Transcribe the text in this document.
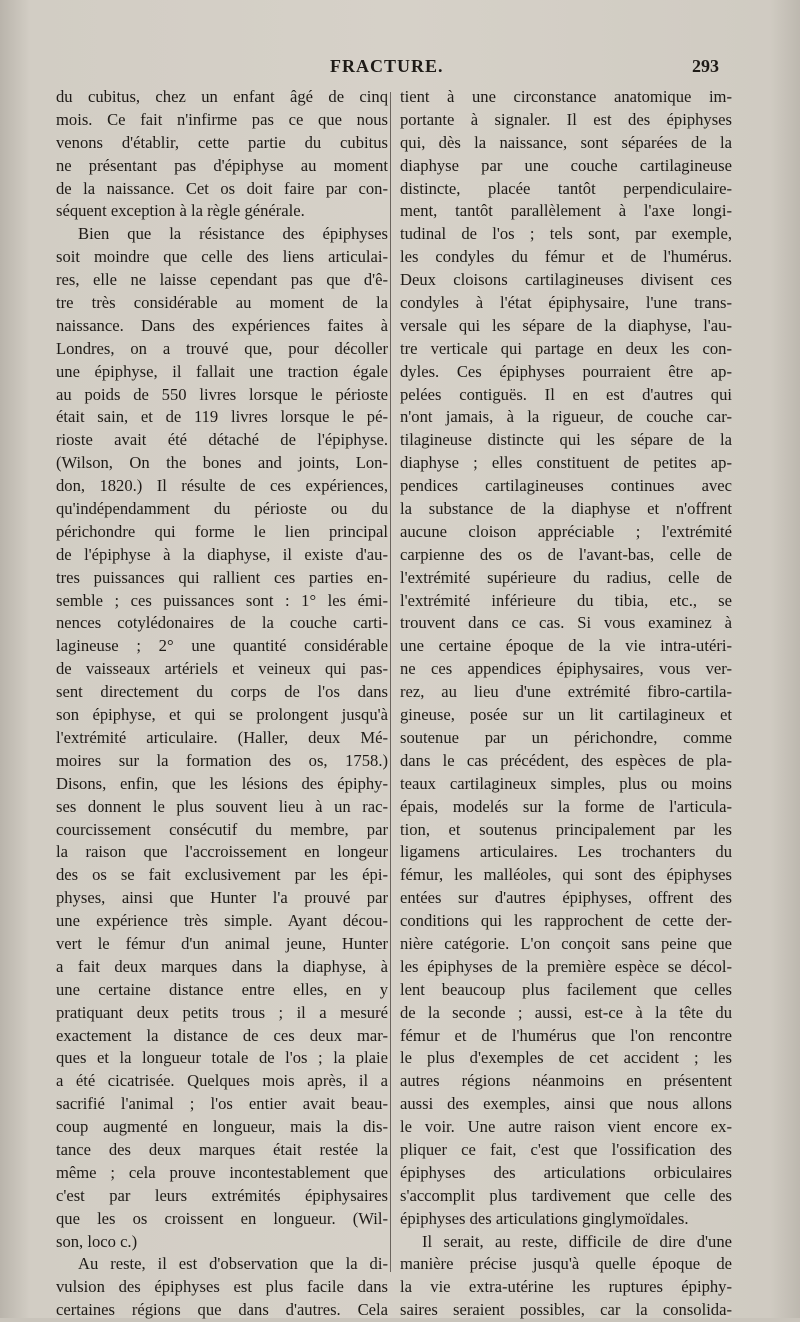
FRACTURE.	293
du cubitus, chez un enfant âgé de cinq
mois. Ce fait n'infirme pas ce que nous
venons d'établir, cette partie du cubitus
ne présentant pas d'épiphyse au moment
de la naissance. Cet os doit faire par con-
séquent exception à la règle générale.
Bien que la résistance des épiphyses
soit moindre que celle des liens articulai-
res, elle ne laisse cependant pas que d'ê-
tre très considérable au moment de la
naissance. Dans des expériences faites à
Londres, on a trouvé que, pour décoller
une épiphyse, il fallait une traction égale
au poids de 550 livres lorsque le périoste
était sain, et de 119 livres lorsque le pé-
rioste avait été détaché de l'épiphyse.
(Wilson, On the bones and joints, Lon-
don, 1820.) Il résulte de ces expériences,
qu'indépendamment du périoste ou du
périchondre qui forme le lien principal
de l'épiphyse à la diaphyse, il existe d'au-
tres puissances qui rallient ces parties en-
semble ; ces puissances sont : 1° les émi-
nences cotylédonaires de la couche carti-
lagineuse ; 2° une quantité considérable
de vaisseaux artériels et veineux qui pas-
sent directement du corps de l'os dans
son épiphyse, et qui se prolongent jusqu'à
l'extrémité articulaire. (Haller, deux Mé-
moires sur la formation des os, 1758.)
Disons, enfin, que les lésions des épiphy-
ses donnent le plus souvent lieu à un rac-
courcissement consécutif du membre, par
la raison que l'accroissement en longeur
des os se fait exclusivement par les épi-
physes, ainsi que Hunter l'a prouvé par
une expérience très simple. Ayant décou-
vert le fémur d'un animal jeune, Hunter
a fait deux marques dans la diaphyse, à
une certaine distance entre elles, en y
pratiquant deux petits trous ; il a mesuré
exactement la distance de ces deux mar-
ques et la longueur totale de l'os ; la plaie
a été cicatrisée. Quelques mois après, il a
sacrifié l'animal ; l'os entier avait beau-
coup augmenté en longueur, mais la dis-
tance des deux marques était restée la
même ; cela prouve incontestablement que
c'est par leurs extrémités épiphysaires
que les os croissent en longueur. (Wil-
son, loco c.)
Au reste, il est d'observation que la di-
vulsion des épiphyses est plus facile dans
certaines régions que dans d'autres. Cela
tient à une circonstance anatomique im-
portante à signaler. Il est des épiphyses
qui, dès la naissance, sont séparées de la
diaphyse par une couche cartilagineuse
distincte, placée tantôt perpendiculaire-
ment, tantôt parallèlement à l'axe longi-
tudinal de l'os ; tels sont, par exemple,
les condyles du fémur et de l'humérus.
Deux cloisons cartilagineuses divisent ces
condyles à l'état épiphysaire, l'une trans-
versale qui les sépare de la diaphyse, l'au-
tre verticale qui partage en deux les con-
dyles. Ces épiphyses pourraient être ap-
pelées contiguës. Il en est d'autres qui
n'ont jamais, à la rigueur, de couche car-
tilagineuse distincte qui les sépare de la
diaphyse ; elles constituent de petites ap-
pendices cartilagineuses continues avec
la substance de la diaphyse et n'offrent
aucune cloison appréciable ; l'extrémité
carpienne des os de l'avant-bas, celle de
l'extrémité supérieure du radius, celle de
l'extrémité inférieure du tibia, etc., se
trouvent dans ce cas. Si vous examinez à
une certaine époque de la vie intra-utéri-
ne ces appendices épiphysaires, vous ver-
rez, au lieu d'une extrémité fibro-cartila-
gineuse, posée sur un lit cartilagineux et
soutenue par un périchondre, comme
dans le cas précédent, des espèces de pla-
teaux cartilagineux simples, plus ou moins
épais, modelés sur la forme de l'articula-
tion, et soutenus principalement par les
ligamens articulaires. Les trochanters du
fémur, les malléoles, qui sont des épiphyses
entées sur d'autres épiphyses, offrent des
conditions qui les rapprochent de cette der-
nière catégorie. L'on conçoit sans peine que
les épiphyses de la première espèce se décol-
lent beaucoup plus facilement que celles
de la seconde ; aussi, est-ce à la tête du
fémur et de l'humérus que l'on rencontre
le plus d'exemples de cet accident ; les
autres régions néanmoins en présentent
aussi des exemples, ainsi que nous allons
le voir. Une autre raison vient encore ex-
pliquer ce fait, c'est que l'ossification des
épiphyses des articulations orbiculaires
s'accomplit plus tardivement que celle des
épiphyses des articulations ginglymoïdales.
Il serait, au reste, difficile de dire d'une
manière précise jusqu'à quelle époque de
la vie extra-utérine les ruptures épiphy-
saires seraient possibles, car la consolida-
